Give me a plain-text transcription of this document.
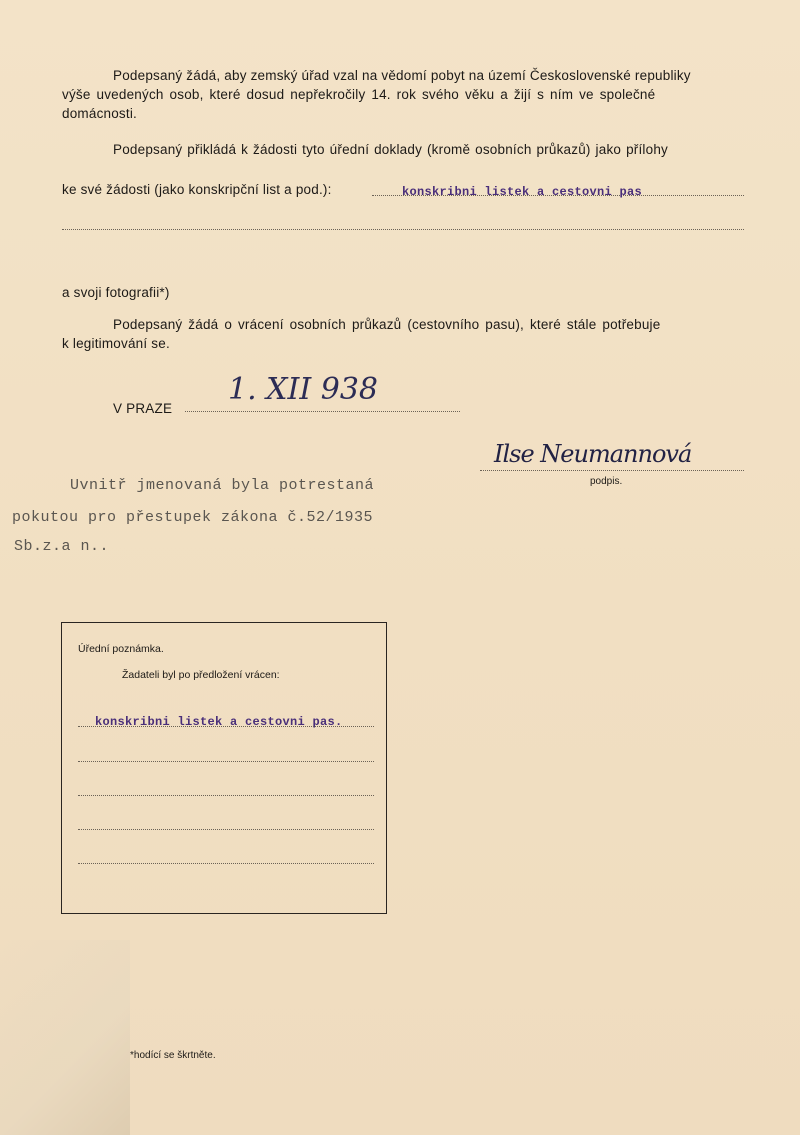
Podepsaný žádá, aby zemský úřad vzal na vědomí pobyt na území Československé republiky
výše uvedených osob, které dosud nepřekročily 14. rok svého věku a žijí s ním ve společné
domácnosti.
Podepsaný přikládá k žádosti tyto úřední doklady (kromě osobních průkazů) jako přílohy
ke své žádosti (jako konskripční list a pod.):	konskribni listek a cestovni pas
a svoji fotografii*)
Podepsaný žádá o vrácení osobních průkazů (cestovního pasu), které stále potřebuje
k legitimování se.
V PRAZE
1. XII 938
Ilse Neumannová
podpis.
Uvnitř jmenovaná byla potrestaná
pokutou pro přestupek zákona č.52/1935
Sb.z.a n..
Úřední poznámka.
Žadateli byl po předložení vrácen:
konskribni listek a cestovni pas.
*hodící se škrtněte.
